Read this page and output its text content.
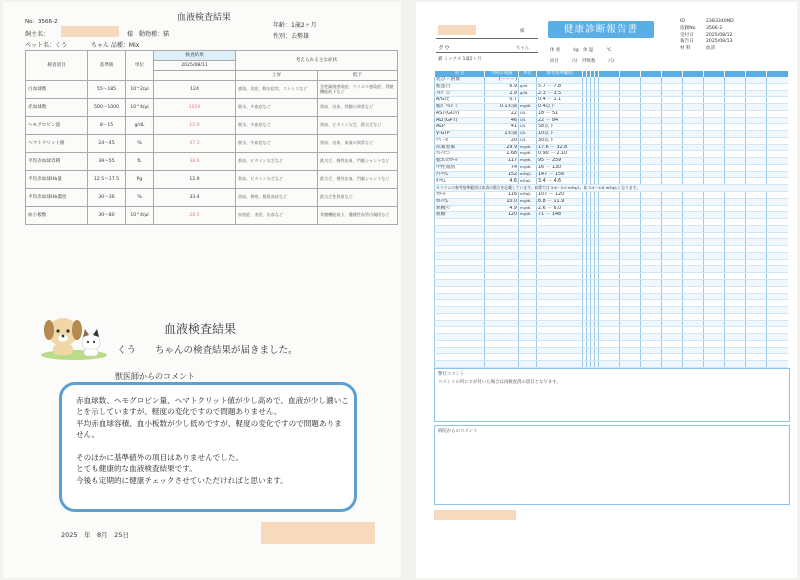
血液検査結果
No：3566-2
飼主名：	様　動物種：猫
年齢：1歳2ヶ月
性別：去勢雄
ペット名：くう　　　　ちゃん 品種：Mix
検査項目	基準値	単位	検査結果	考えられる主な症状	
			2025/08/11		
				上昇	低下
白血球数	55～185	10^2/μl	124	感染、炎症、脱水症状、ストレスなど	急性細菌感染症、ウイルス感染症、骨髄機能低下など
赤血球数	500～1000	10^4/μl	1029	脱水、多血症など	貧血、出血、骨髄の異常など
ヘモグロビン量	8～15	g/dL	15.9	脱水、多血症など	貧血、ビタミン欠乏、鉄欠乏など
ヘマトクリット値	24～45	%	47.3	脱水、多血症など	貧血、出血、血液の異常など
平均赤血球容積	39～55	fL	38.6	貧血、ビタミン欠乏など	鉄欠乏、慢性出血、門脈シャントなど
平均赤血球Hb量	12.5～17.5	Pg	12.9	貧血、ビタミン欠乏など	鉄欠乏、慢性出血、門脈シャントなど
平均赤血球Hb濃度	30～36	%	33.4	溶血、黄疸、脂質血症など	鉄欠乏性貧血など
血小板数	30～80	10^4/μl	28.5	血栓症、炎症、出血など	骨髄機能低下、播種性血管内凝固など
血液検査結果
くう　　ちゃんの検査結果が届きました。
獣医師からのコメント
赤血球数、ヘモグロビン量、ヘマトクリット値が少し高めで、血液が少し濃いこ
とを示していますが、軽度の変化ですので問題ありません。
平均赤血球容積、血小板数が少し低めですが、軽度の変化ですので問題ありま
せん。
そのほかに基準値外の項目はありませんでした。
とても健康的な血液検査結果です。
今後も定期的に健康チェックさせていただければと思います。
2025　年　8月　25日
様
クウ	ちゃん
猫 ミックス 1歳2ヶ月
健康診断報告書
体 重　　　kg　体 温　　　℃
回目　　　/分　呼吸数　　　/分
ID	23B3340ND
依頼No	3566-2
受付日	2025/08/12
報告日	2025/08/13
材 料	血清
項 目	今回の成績	単位	参考基準範囲													
乳び・溶血	(－・－)															
総蛋白	6.9	g/dL	5.7 － 7.8													
ｱﾙﾌﾞﾐﾝ	2.9	g/dL	2.3 － 3.5													
A/G比	0.7		0.4 － 1.1													
総ﾋﾞﾘﾙﾋﾞﾝ	0.1未満	mg/dL	0.4以下													
AST(GOT)	22	U/L	18 － 51													
ALT(GPT)	46	U/L	22 － 84													
ALP	41	U/L	58以下													
γ-GTP	1未満	U/L	10以下													
ﾘﾊﾟｰｾﾞ	20	U/L	30以下													
尿素窒素	29.9	mg/dL	17.6 － 32.8													
ｸﾚｱﾁﾆﾝ	1.68	mg/dL	0.90 － 2.10													
総ｺﾚｽﾃﾛｰﾙ	117	mg/dL	95 － 259													
中性脂肪	74	mg/dL	16 － 130													
ﾅﾄﾘｳﾑ	152	mEq/L	147 － 156													
ｶﾘｳﾑ	4.6	mEq/L	3.4 － 4.6													
カリウムの参考基準範囲は血清の場合を記載しています。血漿では 3.6－5.0 mEq/L、血 3.4－4.6 mEq/Lとなります。																
ｸﾛｰﾙ	116	mEq/L	107 － 120													
ｶﾙｼｳﾑ	10.0	mg/dL	8.8 － 11.9													
無機ﾘﾝ	4.9	mg/dL	2.6 － 6.0													
血糖	120	mg/dL	71 － 148													

弊社コメント
コメントの所に＊が付いた場合は再検査済の項目となります。
病院からのコメント
